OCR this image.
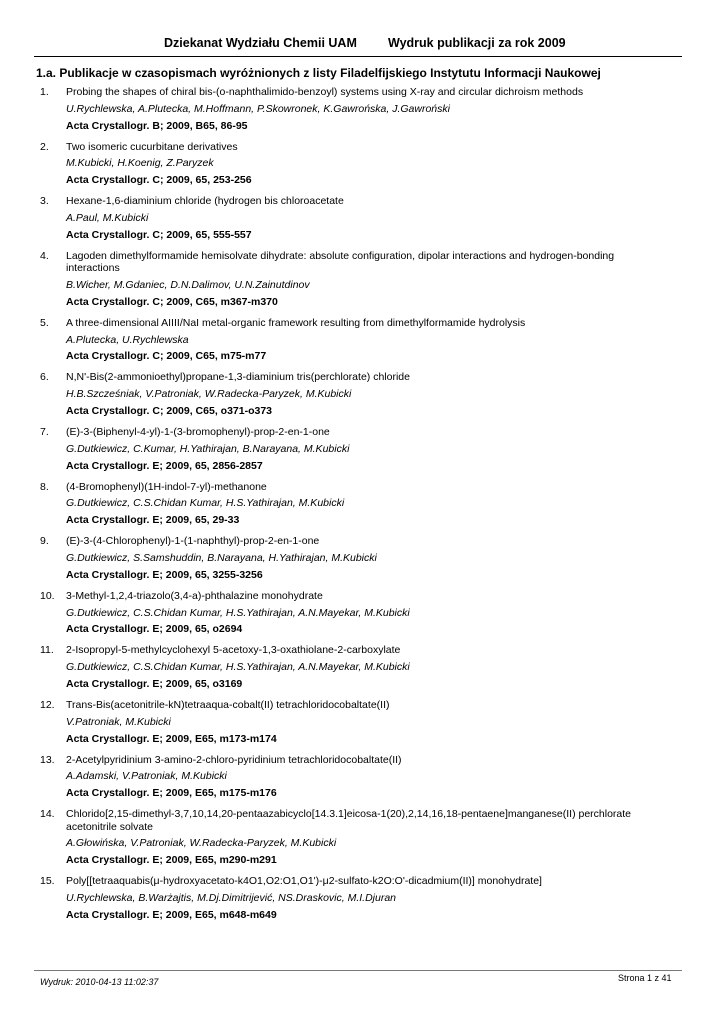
Dziekanat Wydziału Chemii UAM Wydruk publikacji za rok 2009
1.a. Publikacje w czasopismach wyróżnionych z listy Filadelfijskiego Instytutu Informacji Naukowej
1.	Probing the shapes of chiral bis-(o-naphthalimido-benzoyl) systems using X-ray and circular dichroism methods
U.Rychlewska, A.Plutecka, M.Hoffmann, P.Skowronek, K.Gawrońska, J.Gawroński
Acta Crystallogr. B; 2009, B65, 86-95
2.	Two isomeric cucurbitane derivatives
M.Kubicki, H.Koenig, Z.Paryzek
Acta Crystallogr. C; 2009, 65, 253-256
3.	Hexane-1,6-diaminium chloride (hydrogen bis chloroacetate
A.Paul, M.Kubicki
Acta Crystallogr. C; 2009, 65, 555-557
4.	Lagoden dimethylformamide hemisolvate dihydrate: absolute configuration, dipolar interactions and hydrogen-bonding interactions
B.Wicher, M.Gdaniec, D.N.Dalimov, U.N.Zainutdinov
Acta Crystallogr. C; 2009, C65, m367-m370
5.	A three-dimensional AIIII/NaI metal-organic framework resulting from dimethylformamide hydrolysis
A.Plutecka, U.Rychlewska
Acta Crystallogr. C; 2009, C65, m75-m77
6.	N,N'-Bis(2-ammonioethyl)propane-1,3-diaminium tris(perchlorate) chloride
H.B.Szcześniak, V.Patroniak, W.Radecka-Paryzek, M.Kubicki
Acta Crystallogr. C; 2009, C65, o371-o373
7.	(E)-3-(Biphenyl-4-yl)-1-(3-bromophenyl)-prop-2-en-1-one
G.Dutkiewicz, C.Kumar, H.Yathirajan, B.Narayana, M.Kubicki
Acta Crystallogr. E; 2009, 65, 2856-2857
8.	(4-Bromophenyl)(1H-indol-7-yl)-methanone
G.Dutkiewicz, C.S.Chidan Kumar, H.S.Yathirajan, M.Kubicki
Acta Crystallogr. E; 2009, 65, 29-33
9.	(E)-3-(4-Chlorophenyl)-1-(1-naphthyl)-prop-2-en-1-one
G.Dutkiewicz, S.Samshuddin, B.Narayana, H.Yathirajan, M.Kubicki
Acta Crystallogr. E; 2009, 65, 3255-3256
10.	3-Methyl-1,2,4-triazolo(3,4-a)-phthalazine monohydrate
G.Dutkiewicz, C.S.Chidan Kumar, H.S.Yathirajan, A.N.Mayekar, M.Kubicki
Acta Crystallogr. E; 2009, 65, o2694
11.	2-Isopropyl-5-methylcyclohexyl 5-acetoxy-1,3-oxathiolane-2-carboxylate
G.Dutkiewicz, C.S.Chidan Kumar, H.S.Yathirajan, A.N.Mayekar, M.Kubicki
Acta Crystallogr. E; 2009, 65, o3169
12.	Trans-Bis(acetonitrile-kN)tetraaqua-cobalt(II) tetrachloridocobaltate(II)
V.Patroniak, M.Kubicki
Acta Crystallogr. E; 2009, E65, m173-m174
13.	2-Acetylpyridinium 3-amino-2-chloro-pyridinium tetrachloridocobaltate(II)
A.Adamski, V.Patroniak, M.Kubicki
Acta Crystallogr. E; 2009, E65, m175-m176
14.	Chlorido[2,15-dimethyl-3,7,10,14,20-pentaazabicyclo[14.3.1]eicosa-1(20),2,14,16,18-pentaene]manganese(II) perchlorate acetonitrile solvate
A.Głowińska, V.Patroniak, W.Radecka-Paryzek, M.Kubicki
Acta Crystallogr. E; 2009, E65, m290-m291
15.	Poly[[tetraaquabis(μ-hydroxyacetato-k4O1,O2:O1,O1')-μ2-sulfato-k2O:O'-dicadmium(II)] monohydrate]
U.Rychlewska, B.Warżajtis, M.Dj.Dimitrijević, NS.Draskovic, M.I.Djuran
Acta Crystallogr. E; 2009, E65, m648-m649
Wydruk: 2010-04-13 11:02:37	Strona 1 z 41
